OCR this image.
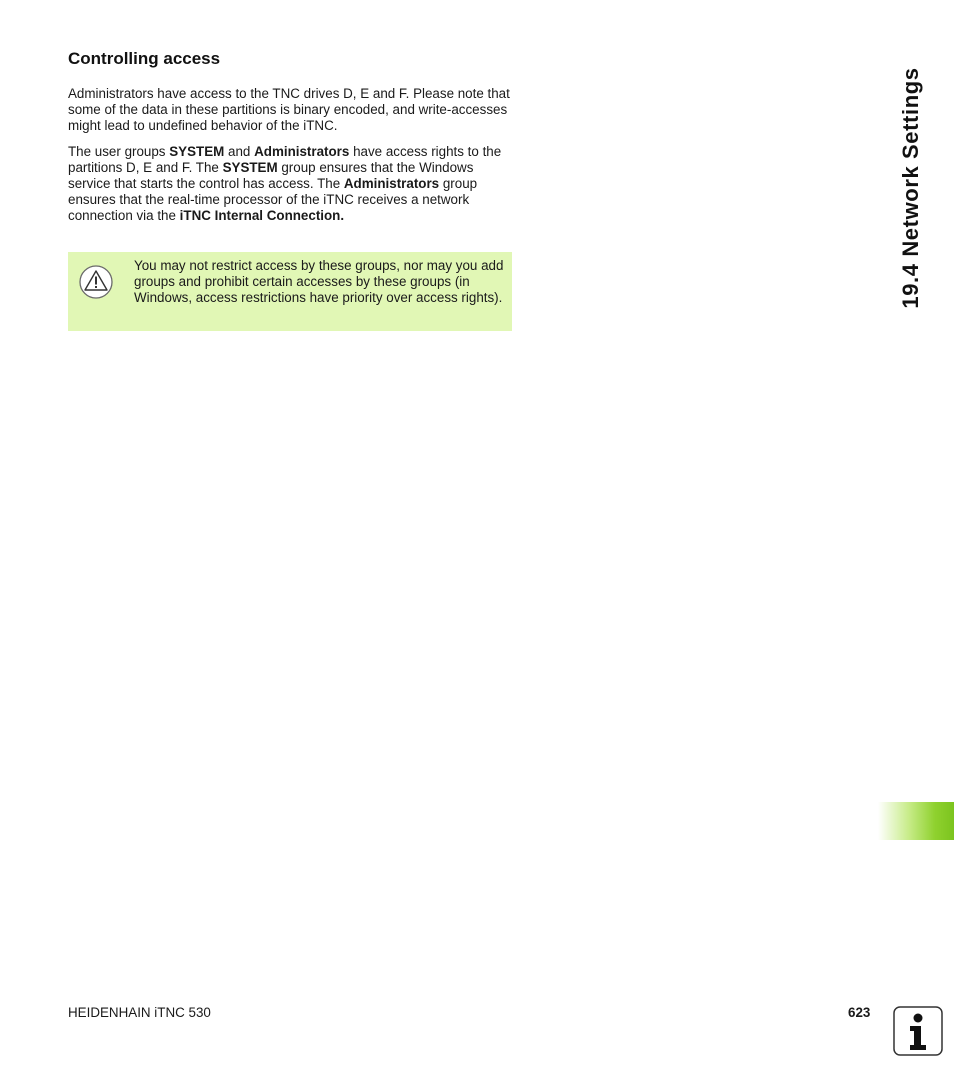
19.4 Network Settings
Controlling access

Administrators have access to the TNC drives D, E and F. Please note that some of the data in these partitions is binary encoded, and write-accesses might lead to undefined behavior of the iTNC.

The user groups SYSTEM and Administrators have access rights to the partitions D, E and F. The SYSTEM group ensures that the Windows service that starts the control has access. The Administrators group ensures that the real-time processor of the iTNC receives a network connection via the iTNC Internal Connection.

You may not restrict access by these groups, nor may you add groups and prohibit certain accesses by these groups (in Windows, access restrictions have priority over access rights).

HEIDENHAIN iTNC 530	623
